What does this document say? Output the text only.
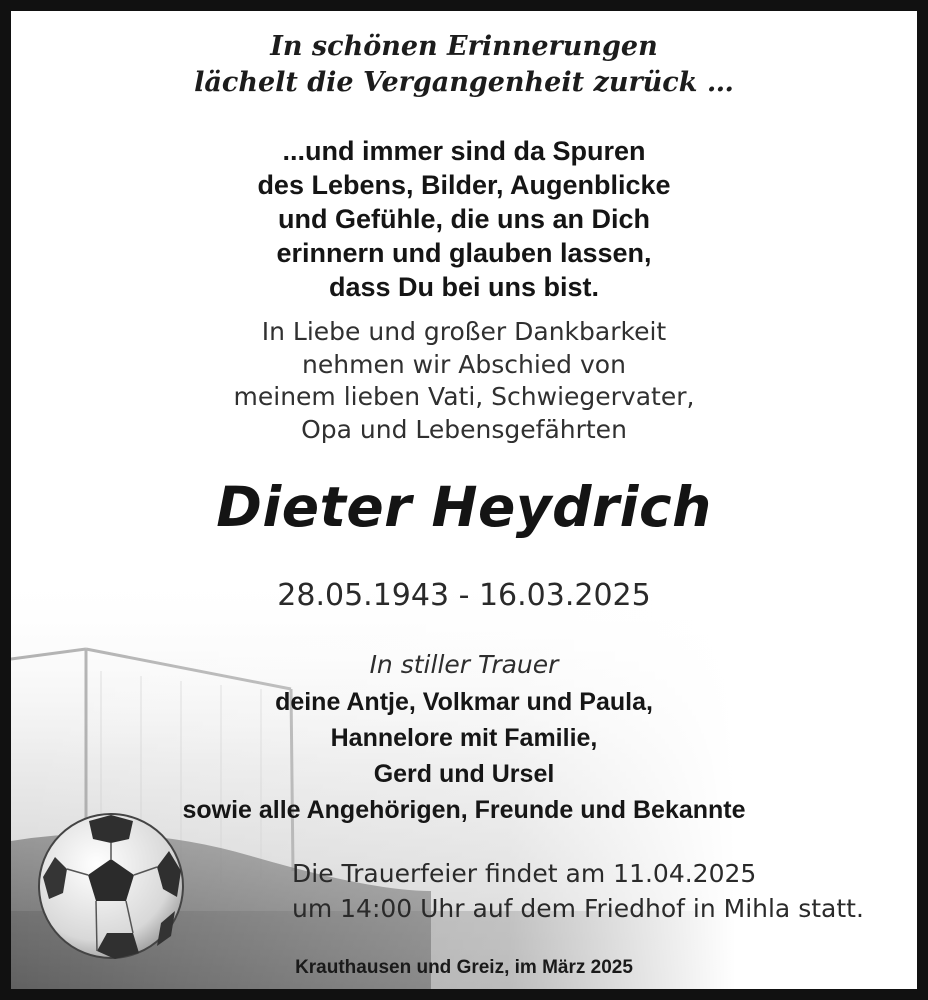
In schönen Erinnerungen
lächelt die Vergangenheit zurück …
...und immer sind da Spuren
des Lebens, Bilder, Augenblicke
und Gefühle, die uns an Dich
erinnern und glauben lassen,
dass Du bei uns bist.
In Liebe und großer Dankbarkeit
nehmen wir Abschied von
meinem lieben Vati, Schwiegervater,
Opa und Lebensgefährten
Dieter Heydrich
28.05.1943 - 16.03.2025
In stiller Trauer
deine Antje, Volkmar und Paula,
Hannelore mit Familie,
Gerd und Ursel
sowie alle Angehörigen, Freunde und Bekannte
Die Trauerfeier findet am 11.04.2025
um 14:00 Uhr auf dem Friedhof in Mihla statt.
Krauthausen und Greiz, im März 2025
